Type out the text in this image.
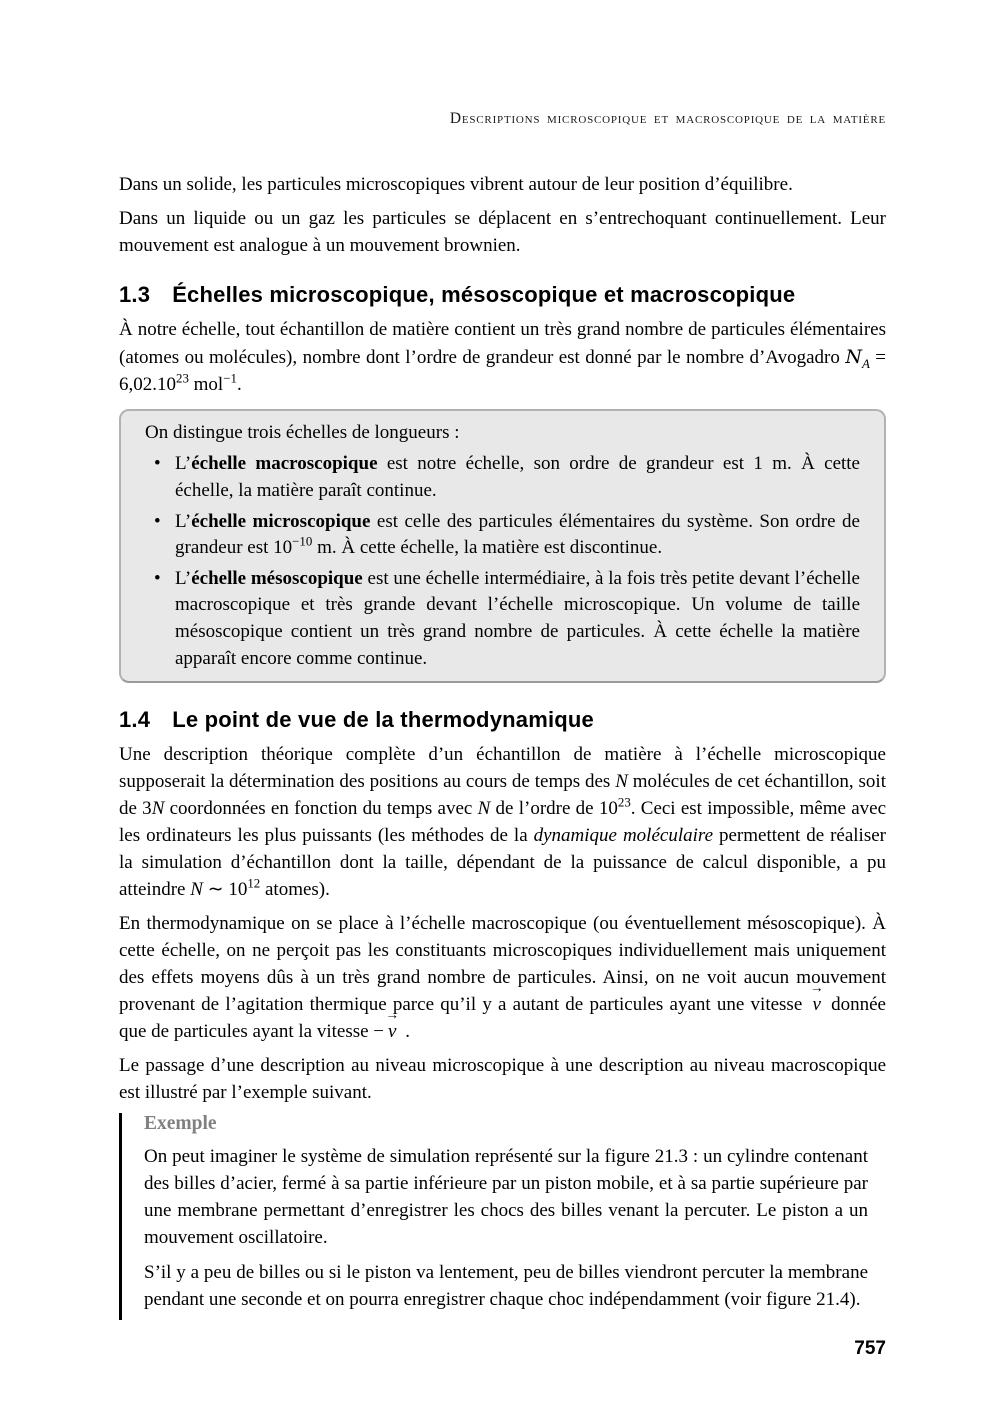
Descriptions microscopique et macroscopique de la matière

Dans un solide, les particules microscopiques vibrent autour de leur position d’équilibre.

Dans un liquide ou un gaz les particules se déplacent en s’entrechoquant continuellement. Leur mouvement est analogue à un mouvement brownien.

1.3 Échelles microscopique, mésoscopique et macroscopique

À notre échelle, tout échantillon de matière contient un très grand nombre de particules élémentaires (atomes ou molécules), nombre dont l’ordre de grandeur est donné par le nombre d’Avogadro $N_A = 6,02.10^{23}$ mol$^{-1}$.

On distingue trois échelles de longueurs :

• L’échelle macroscopique est notre échelle, son ordre de grandeur est 1 m. À cette échelle, la matière paraît continue.
• L’échelle microscopique est celle des particules élémentaires du système. Son ordre de grandeur est $10^{-10}$ m. À cette échelle, la matière est discontinue.
• L’échelle mésoscopique est une échelle intermédiaire, à la fois très petite devant l’échelle macroscopique et très grande devant l’échelle microscopique. Un volume de taille mésoscopique contient un très grand nombre de particules. À cette échelle la matière apparaît encore comme continue.
1.4 Le point de vue de la thermodynamique

Une description théorique complète d’un échantillon de matière à l’échelle microscopique supposerait la détermination des positions au cours de temps des N molécules de cet échantillon, soit de 3N coordonnées en fonction du temps avec N de l’ordre de $10^{23}$. Ceci est impossible, même avec les ordinateurs les plus puissants (les méthodes de la dynamique moléculaire permettent de réaliser la simulation d’échantillon dont la taille, dépendant de la puissance de calcul disponible, a pu atteindre N ∼ $10^{12}$ atomes).

En thermodynamique on se place à l’échelle macroscopique (ou éventuellement mésoscopique). À cette échelle, on ne perçoit pas les constituants microscopiques individuellement mais uniquement des effets moyens dûs à un très grand nombre de particules. Ainsi, on ne voit aucun mouvement provenant de l’agitation thermique parce qu’il y a autant de particules ayant une vitesse → v donnée que de particules ayant la vitesse − → v .

Le passage d’une description au niveau microscopique à une description au niveau macroscopique est illustré par l’exemple suivant.

Exemple

On peut imaginer le système de simulation représenté sur la figure 21.3 : un cylindre contenant des billes d’acier, fermé à sa partie inférieure par un piston mobile, et à sa partie supérieure par une membrane permettant d’enregistrer les chocs des billes venant la percuter. Le piston a un mouvement oscillatoire.

S’il y a peu de billes ou si le piston va lentement, peu de billes viendront percuter la membrane pendant une seconde et on pourra enregistrer chaque choc indépendamment (voir figure 21.4).

757
